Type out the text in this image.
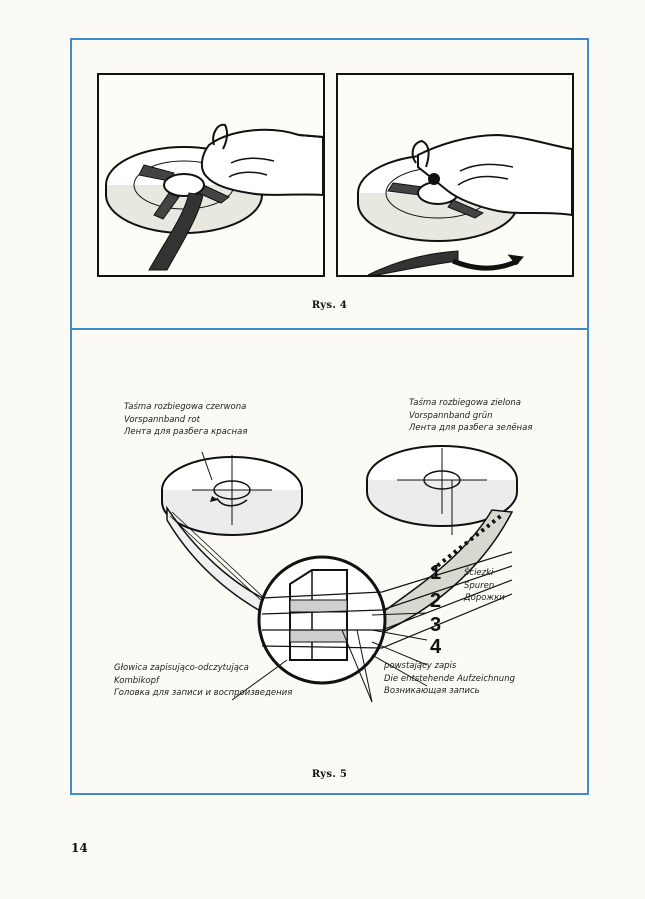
Rys. 4
Taśma rozbiegowa czerwona
Vorspannband rot
Лента для разбега красная
Taśma rozbiegowa zielona
Vorspannband grün
Лента для разбега зелёная
1
2
3
4
Ściezki
Spuren
Дорожки
Głowica zapisująco-odczytująca
Kombikopf
Головка для записи и воспроизведения
powstający zapis
Die entstehende Aufzeichnung
Возникающая запись
Rys. 5
14
